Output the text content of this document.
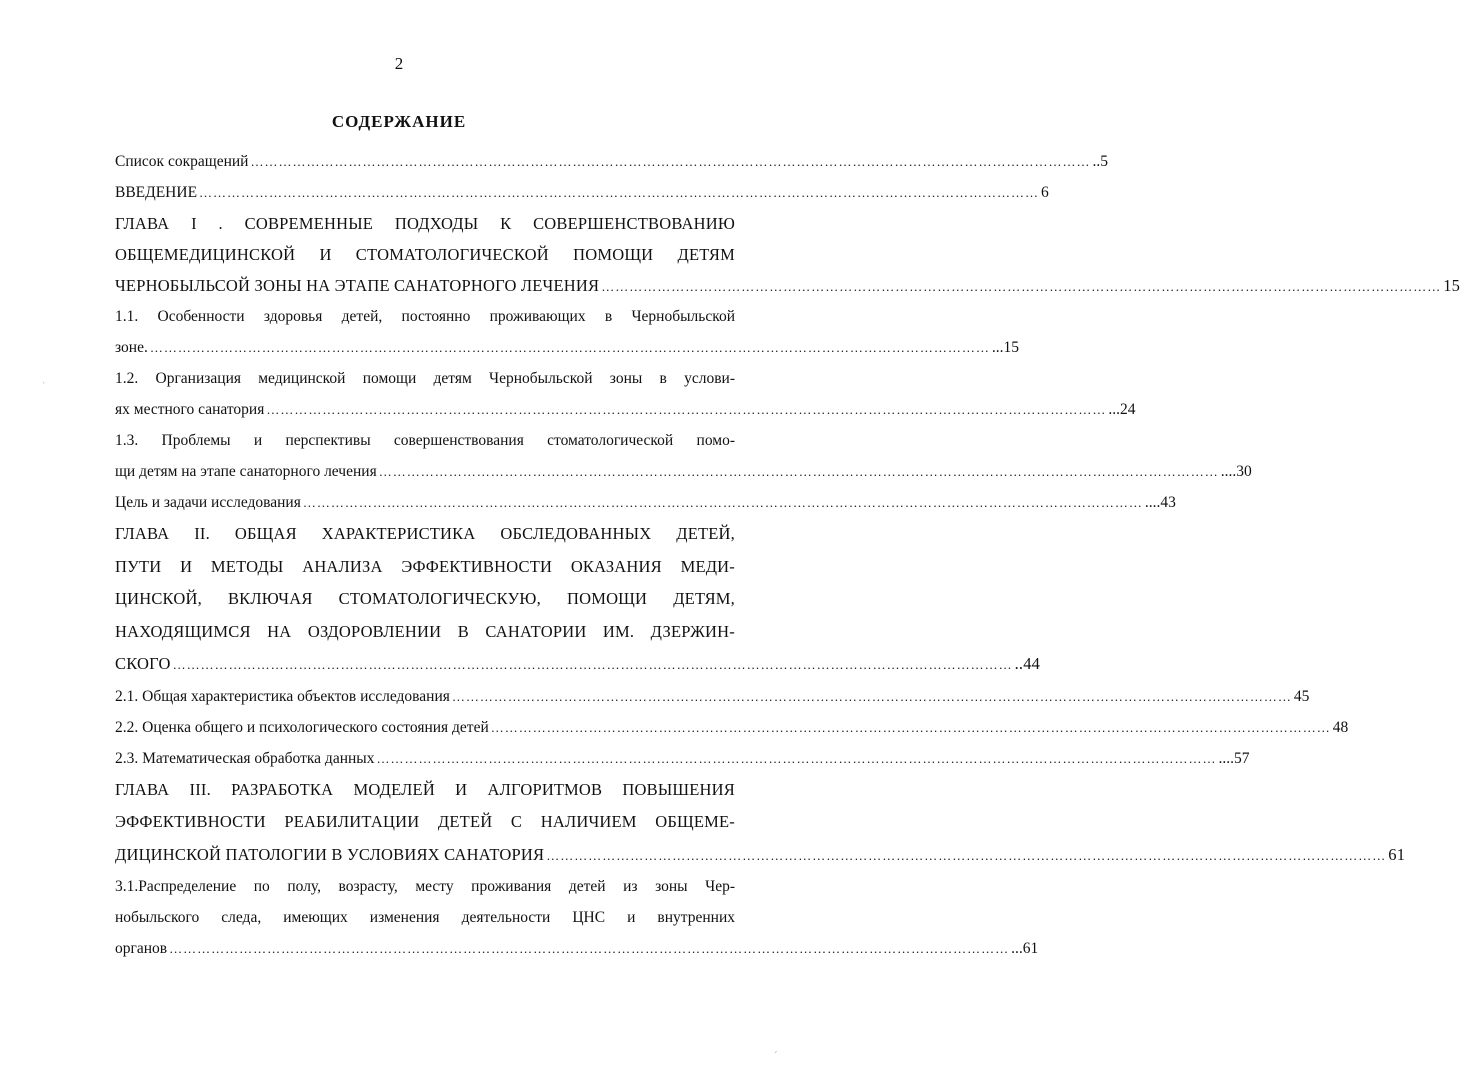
2
СОДЕРЖАНИЕ
Список сокращений ……………………………………………………………………………………………………………………………………………………………… ..5
ВВЕДЕНИЕ ……………………………………………………………………………………………………………………………………………………………… 6
ГЛАВА I . СОВРЕМЕННЫЕ ПОДХОДЫ К СОВЕРШЕНСТВОВАНИЮ
ОБЩЕМЕДИЦИНСКОЙ И СТОМАТОЛОГИЧЕСКОЙ ПОМОЩИ ДЕТЯМ
ЧЕРНОБЫЛЬСОЙ ЗОНЫ НА ЭТАПЕ САНАТОРНОГО ЛЕЧЕНИЯ ……………………………………………………………………………………………………………………………………………………………… 15
1.1. Особенности здоровья детей, постоянно проживающих в Чернобыльской
зоне. ……………………………………………………………………………………………………………………………………………………………… ...15
1.2. Организация медицинской помощи детям Чернобыльской зоны в услови-
ях местного санатория ……………………………………………………………………………………………………………………………………………………………… ...24
1.3. Проблемы и перспективы совершенствования стоматологической помо-
щи детям на этапе санаторного лечения ……………………………………………………………………………………………………………………………………………………………… ....30
Цель и задачи исследования ……………………………………………………………………………………………………………………………………………………………… ....43
ГЛАВА II. ОБЩАЯ ХАРАКТЕРИСТИКА ОБСЛЕДОВАННЫХ ДЕТЕЙ,
ПУТИ И МЕТОДЫ АНАЛИЗА ЭФФЕКТИВНОСТИ ОКАЗАНИЯ МЕДИ-
ЦИНСКОЙ, ВКЛЮЧАЯ СТОМАТОЛОГИЧЕСКУЮ, ПОМОЩИ ДЕТЯМ,
НАХОДЯЩИМСЯ НА ОЗДОРОВЛЕНИИ В САНАТОРИИ ИМ. ДЗЕРЖИН-
СКОГО ……………………………………………………………………………………………………………………………………………………………… ..44
2.1. Общая характеристика объектов исследования ……………………………………………………………………………………………………………………………………………………………… 45
2.2. Оценка общего и психологического состояния детей ……………………………………………………………………………………………………………………………………………………………… 48
2.3. Математическая обработка данных ……………………………………………………………………………………………………………………………………………………………… ....57
ГЛАВА III. РАЗРАБОТКА МОДЕЛЕЙ И АЛГОРИТМОВ ПОВЫШЕНИЯ
ЭФФЕКТИВНОСТИ РЕАБИЛИТАЦИИ ДЕТЕЙ С НАЛИЧИЕМ ОБЩЕМЕ-
ДИЦИНСКОЙ ПАТОЛОГИИ В УСЛОВИЯХ САНАТОРИЯ ……………………………………………………………………………………………………………………………………………………………… 61
3.1.Распределение по полу, возрасту, месту проживания детей из зоны Чер-
нобыльского следа, имеющих изменения деятельности ЦНС и внутренних
органов ……………………………………………………………………………………………………………………………………………………………… ...61
ˌ
ˊ
